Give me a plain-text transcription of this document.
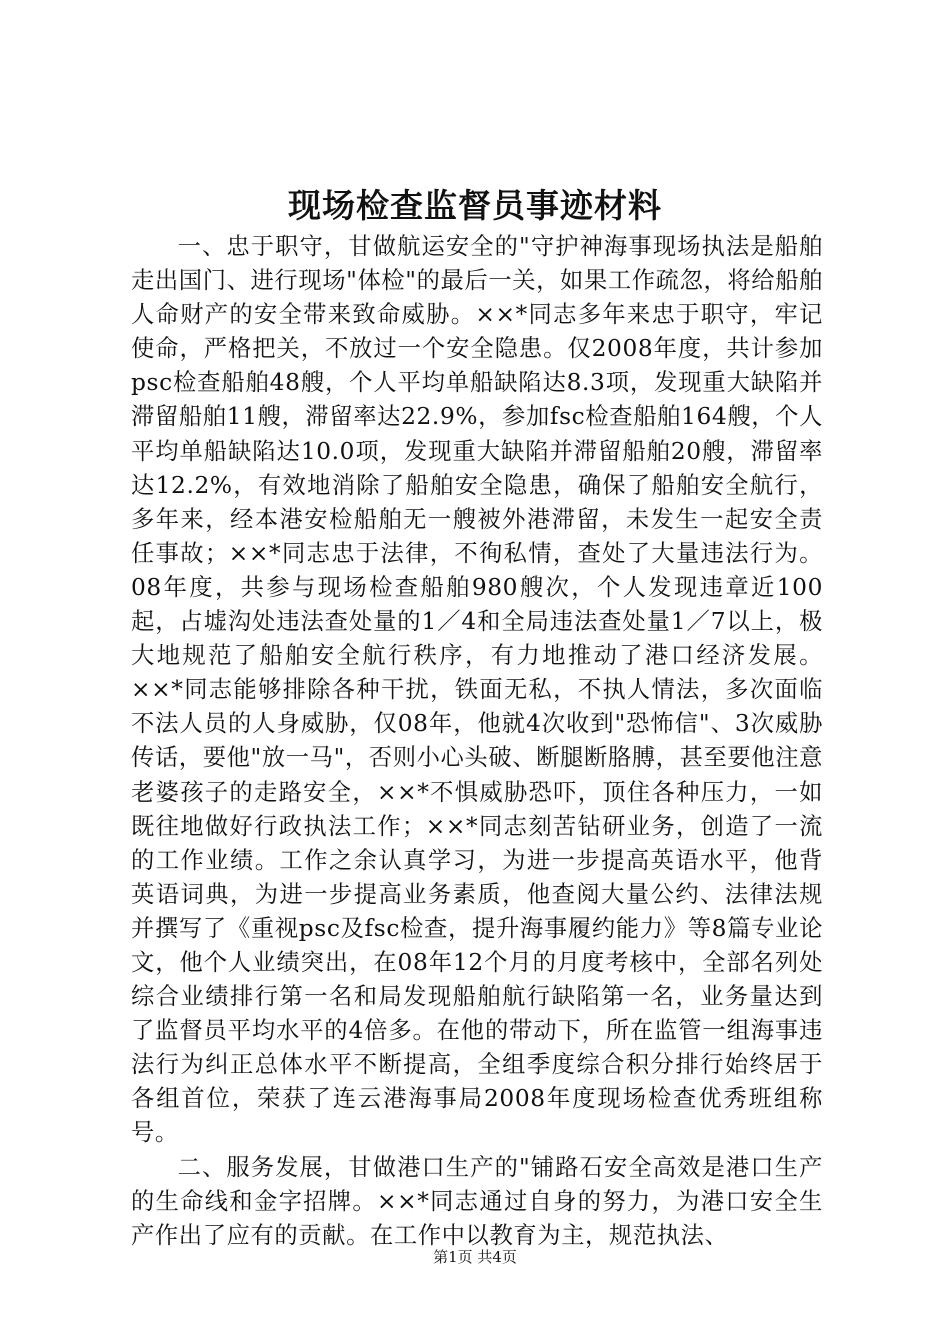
现场检查监督员事迹材料

一、忠于职守，甘做航运安全的"守护神海事现场执法是船舶走出国门、进行现场"体检"的最后一关，如果工作疏忽，将给船舶人命财产的安全带来致命威胁。××*同志多年来忠于职守，牢记使命，严格把关，不放过一个安全隐患。仅2008年度，共计参加psc检查船舶48艘，个人平均单船缺陷达8.3项，发现重大缺陷并滞留船舶11艘，滞留率达22.9%，参加fsc检查船舶164艘，个人平均单船缺陷达10.0项，发现重大缺陷并滞留船舶20艘，滞留率达12.2%，有效地消除了船舶安全隐患，确保了船舶安全航行，多年来，经本港安检船舶无一艘被外港滞留，未发生一起安全责任事故；××*同志忠于法律，不徇私情，查处了大量违法行为。08年度，共参与现场检查船舶980艘次，个人发现违章近100起，占墟沟处违法查处量的1／4和全局违法查处量1／7以上，极大地规范了船舶安全航行秩序，有力地推动了港口经济发展。××*同志能够排除各种干扰，铁面无私，不执人情法，多次面临不法人员的人身威胁，仅08年，他就4次收到"恐怖信"、3次威胁传话，要他"放一马"，否则小心头破、断腿断胳膊，甚至要他注意老婆孩子的走路安全，××*不惧威胁恐吓，顶住各种压力，一如既往地做好行政执法工作；××*同志刻苦钻研业务，创造了一流的工作业绩。工作之余认真学习，为进一步提高英语水平，他背英语词典，为进一步提高业务素质，他查阅大量公约、法律法规并撰写了《重视psc及fsc检查，提升海事履约能力》等8篇专业论文，他个人业绩突出，在08年12个月的月度考核中，全部名列处综合业绩排行第一名和局发现船舶航行缺陷第一名，业务量达到了监督员平均水平的4倍多。在他的带动下，所在监管一组海事违法行为纠正总体水平不断提高，全组季度综合积分排行始终居于各组首位，荣获了连云港海事局2008年度现场检查优秀班组称号。

二、服务发展，甘做港口生产的"铺路石安全高效是港口生产的生命线和金字招牌。××*同志通过自身的努力，为港口安全生产作出了应有的贡献。在工作中以教育为主，规范执法、

第1页 共4页
